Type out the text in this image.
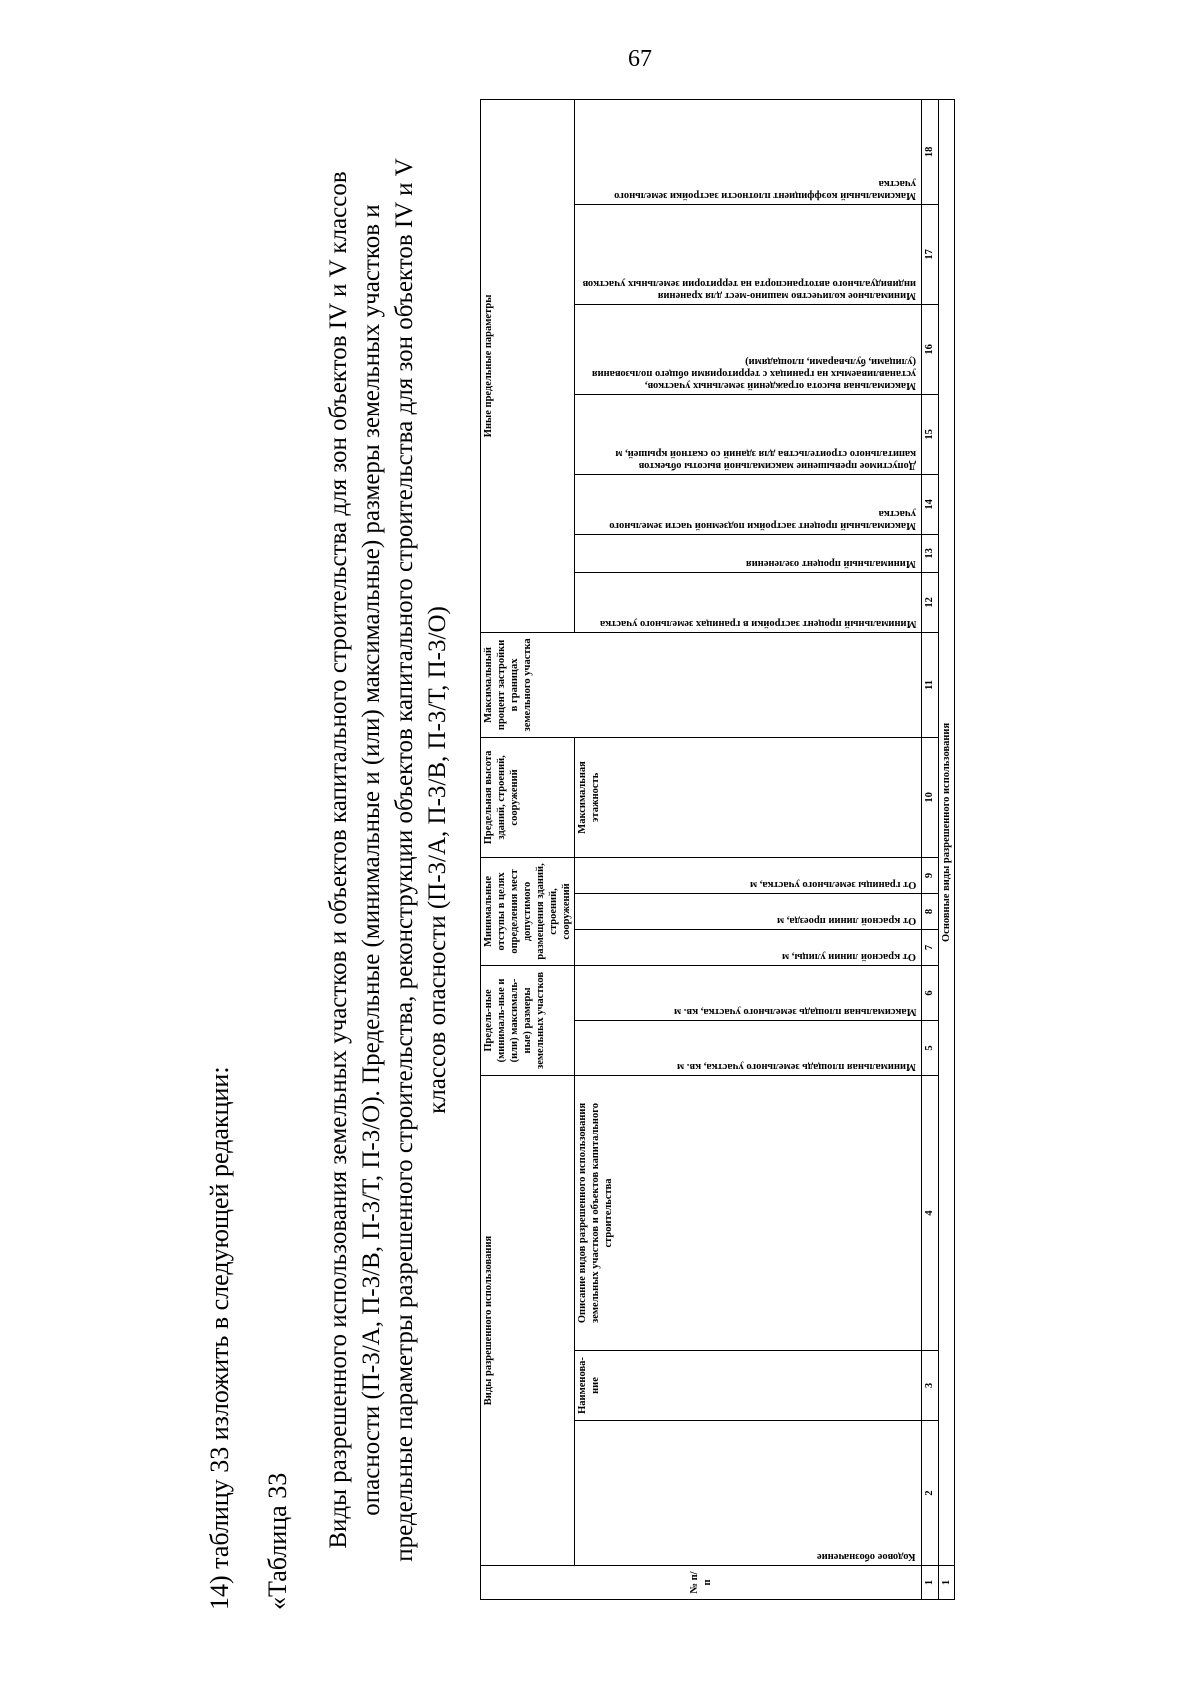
67
14) таблицу 33 изложить в следующей редакции: «Таблица 33 Виды разрешенного использования земельных участков и объектов капитального строительства для зон объектов IV и V классов опасности (П-3/А, П-3/В, П-3/Т, П-3/О). Предельные (минимальные и (или) максимальные) размеры земельных участков и предельные параметры разрешенного строительства, реконструкции объектов капитального строительства для зон объектов IV и V классов опасности (П-3/А, П-3/В, П-3/Т, П-3/О)
№ п/п	Виды разрешенного использования			Предель-ные (минималь-ные и (или) максималь-ные) размеры земельных участков		Минимальные отступы в целях определения мест допустимого размещения зданий, строений, сооружений			Предельная высота зданий, строений, сооружений	Максимальный процент застройки в границах земельного участка	Иные предельные параметры						
	Кодовое обозначение	Наименова-ние	Описание видов разрешенного использования земельных участков и объектов капитального строительства	Минимальная площадь земельного участка, кв. м	Максимальная площадь земельного участка, кв. м	От красной линии улицы, м	От красной линии проезда, м	От границы земельного участка, м	Максимальная этажность		Минимальный процент застройки в границах земельного участка	Минимальный процент озеленения	Максимальный процент застройки подземной части земельного участка	Допустимое превышение максимальной высоты объектов капитального строительства для зданий со скатной крышей, м	Максимальная высота ограждений земельных участков, устанавливаемых на границах с территориями общего пользования (улицами, бульварами, площадями)	Минимальное количество машино-мест для хранения индивидуального автотранспорта на территории земельных участков	Максимальный коэффициент плотности застройки земельного участка

1	2	3	4	5	6	7	8	9	10	11	12	13	14	15	16	17	18
1	Основные виды разрешенного использования																
